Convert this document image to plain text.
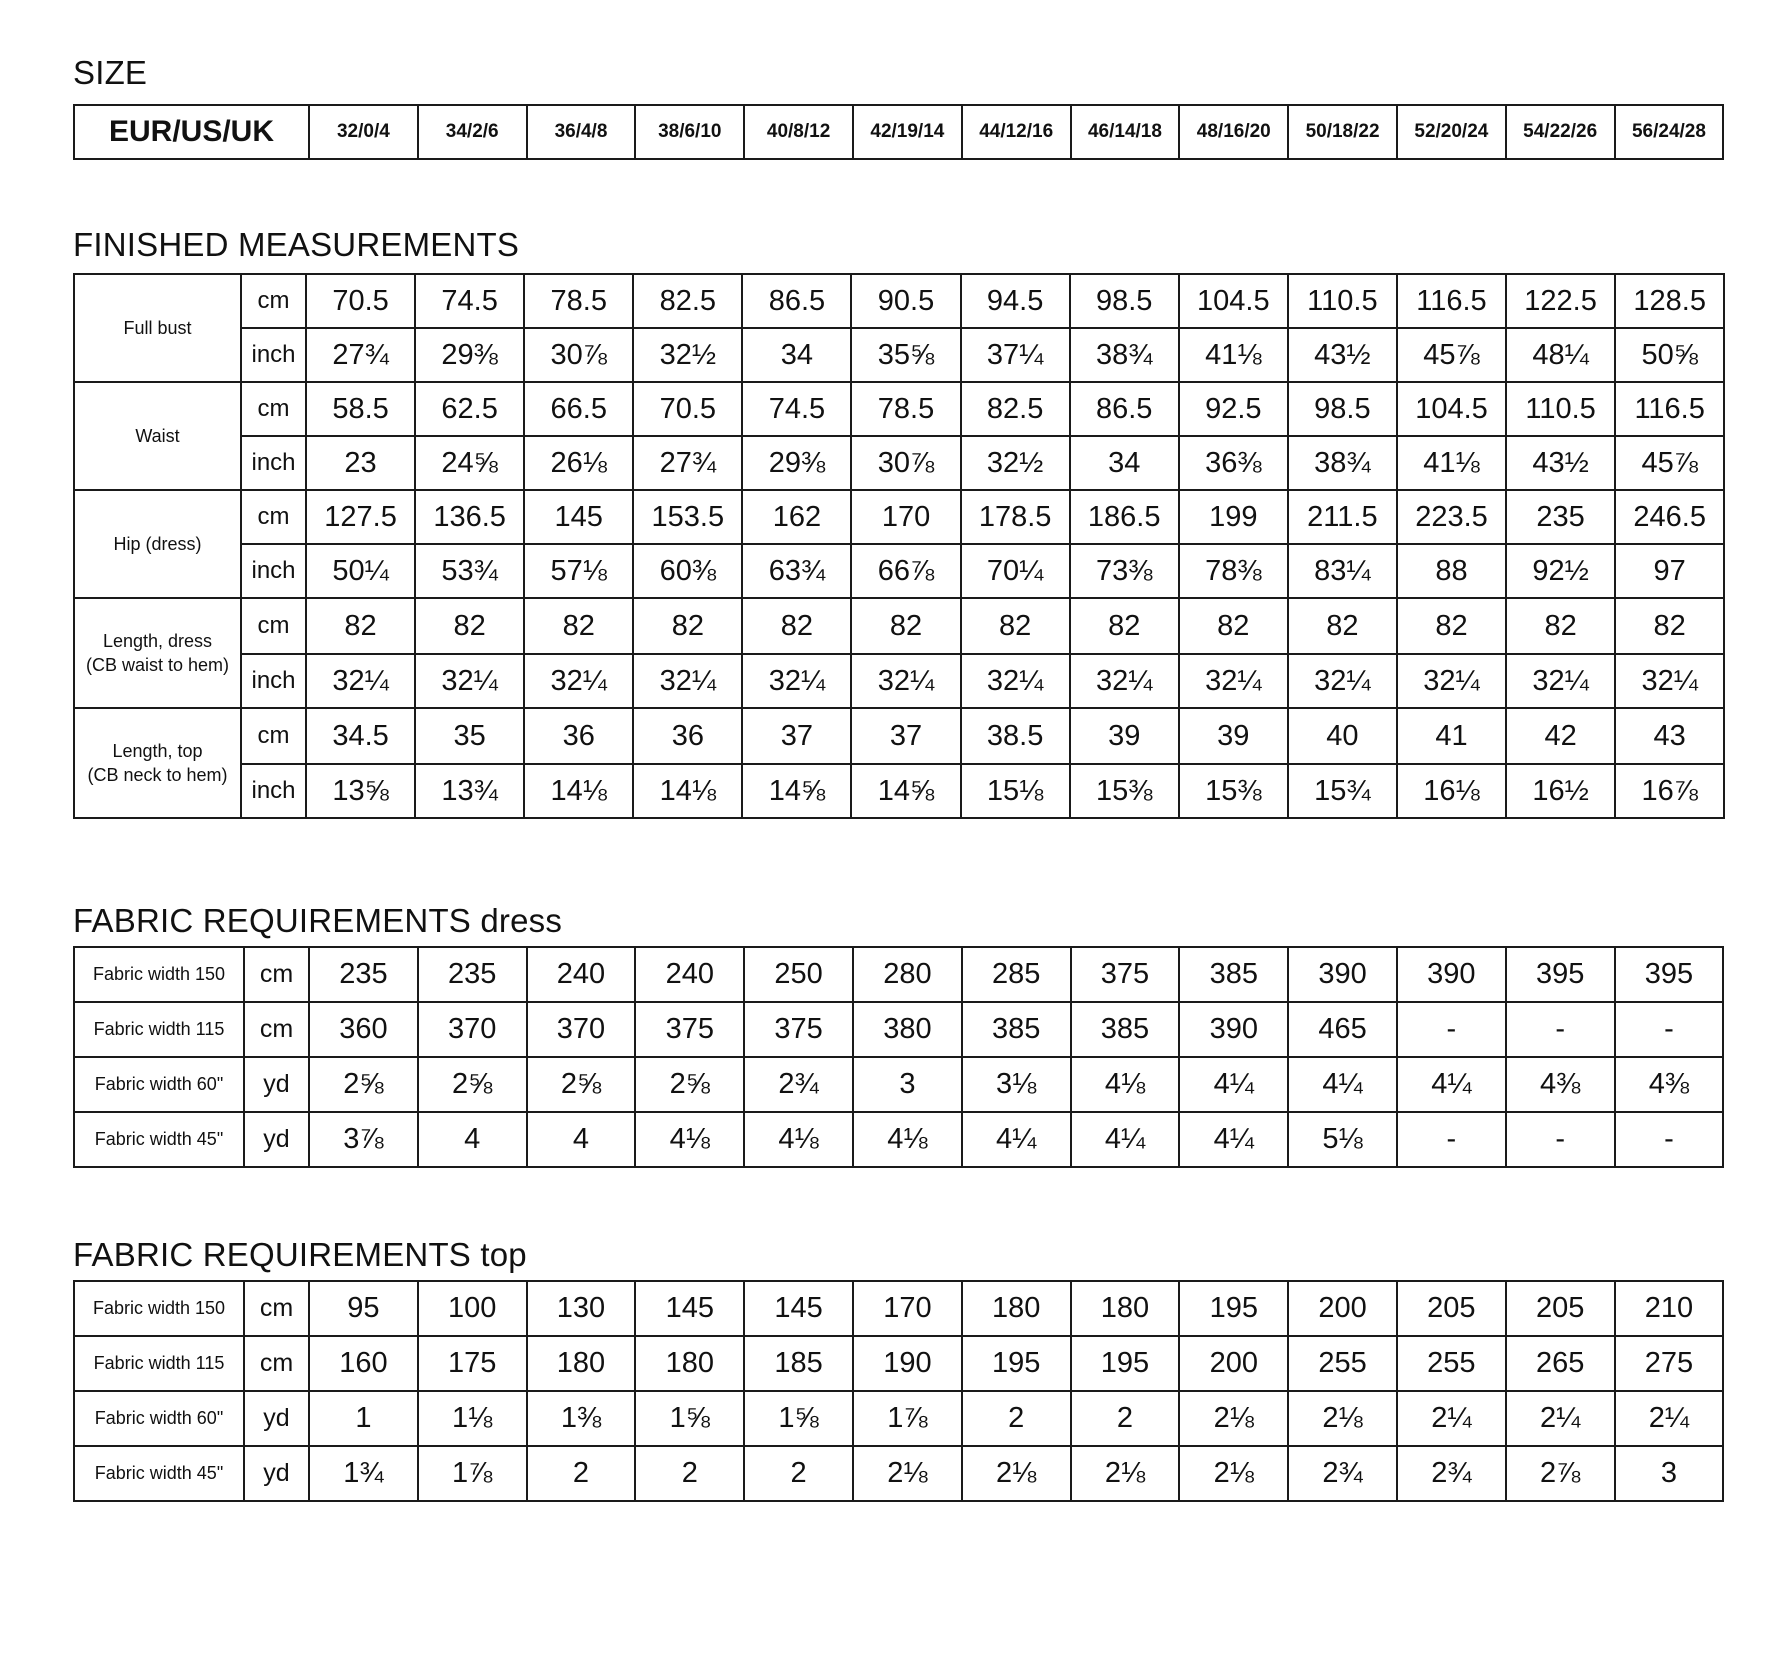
SIZE
EUR/US/UK	32/0/4	34/2/6	36/4/8	38/6/10	40/8/12	42/19/14	44/12/16	46/14/18	48/16/20	50/18/22	52/20/24	54/22/26	56/24/28
FINISHED MEASUREMENTS
Full bust	cm	70.5	74.5	78.5	82.5	86.5	90.5	94.5	98.5	104.5	110.5	116.5	122.5	128.5
	inch	27¾	29⅜	30⅞	32½	34	35⅝	37¼	38¾	41⅛	43½	45⅞	48¼	50⅝

Waist	cm	58.5	62.5	66.5	70.5	74.5	78.5	82.5	86.5	92.5	98.5	104.5	110.5	116.5
	inch	23	24⅝	26⅛	27¾	29⅜	30⅞	32½	34	36⅜	38¾	41⅛	43½	45⅞

Hip (dress)	cm	127.5	136.5	145	153.5	162	170	178.5	186.5	199	211.5	223.5	235	246.5
	inch	50¼	53¾	57⅛	60⅜	63¾	66⅞	70¼	73⅜	78⅜	83¼	88	92½	97

Length, dress
(CB waist to hem)	cm	82	82	82	82	82	82	82	82	82	82	82	82	82
	inch	32¼	32¼	32¼	32¼	32¼	32¼	32¼	32¼	32¼	32¼	32¼	32¼	32¼

Length, top
(CB neck to hem)	cm	34.5	35	36	36	37	37	38.5	39	39	40	41	42	43
	inch	13⅝	13¾	14⅛	14⅛	14⅝	14⅝	15⅛	15⅜	15⅜	15¾	16⅛	16½	16⅞
FABRIC REQUIREMENTS dress
Fabric width 150	cm	235	235	240	240	250	280	285	375	385	390	390	395	395
Fabric width 115	cm	360	370	370	375	375	380	385	385	390	465	-	-	-
Fabric width 60"	yd	2⅝	2⅝	2⅝	2⅝	2¾	3	3⅛	4⅛	4¼	4¼	4¼	4⅜	4⅜
Fabric width 45"	yd	3⅞	4	4	4⅛	4⅛	4⅛	4¼	4¼	4¼	5⅛	-	-	-
FABRIC REQUIREMENTS top
Fabric width 150	cm	95	100	130	145	145	170	180	180	195	200	205	205	210
Fabric width 115	cm	160	175	180	180	185	190	195	195	200	255	255	265	275
Fabric width 60"	yd	1	1⅛	1⅜	1⅝	1⅝	1⅞	2	2	2⅛	2⅛	2¼	2¼	2¼
Fabric width 45"	yd	1¾	1⅞	2	2	2	2⅛	2⅛	2⅛	2⅛	2¾	2¾	2⅞	3
